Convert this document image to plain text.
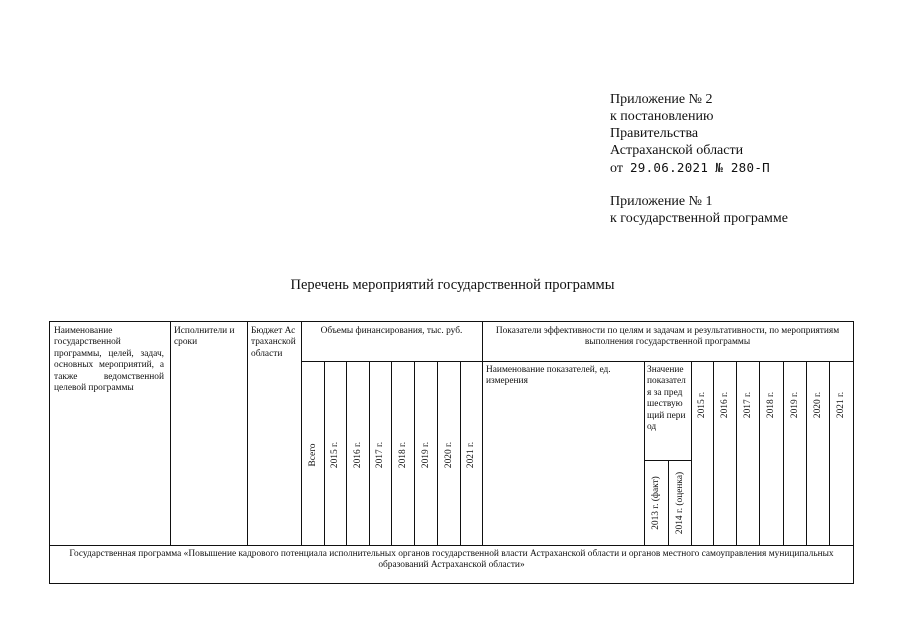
Приложение № 2
к постановлению
Правительства
Астраханской области
от 29.06.2021 № 280-П
Приложение № 1
к государственной программе
Перечень мероприятий государственной программы
Наименование государственной программы, целей, задач, основных мероприятий, а также ведомственной целевой программы
Исполнители и сроки
Бюджет Астраханской области
Объемы финансирования, тыс. руб.	Показатели эффективности по целям и задачам и результативности, по мероприятиям выполнения государственной программы
Наименование показателей, ед. измерения
Значение показателя за предшествующий период
Всего 2015 г. 2016 г. 2017 г. 2018 г. 2019 г. 2020 г. 2021 г.
2013 г. (факт) 2014 г. (оценка)
2015 г. 2016 г. 2017 г. 2018 г. 2019 г. 2020 г. 2021 г.
Государственная программа «Повышение кадрового потенциала исполнительных органов государственной власти Астраханской области и органов местного самоуправления муниципальных образований Астраханской области»
